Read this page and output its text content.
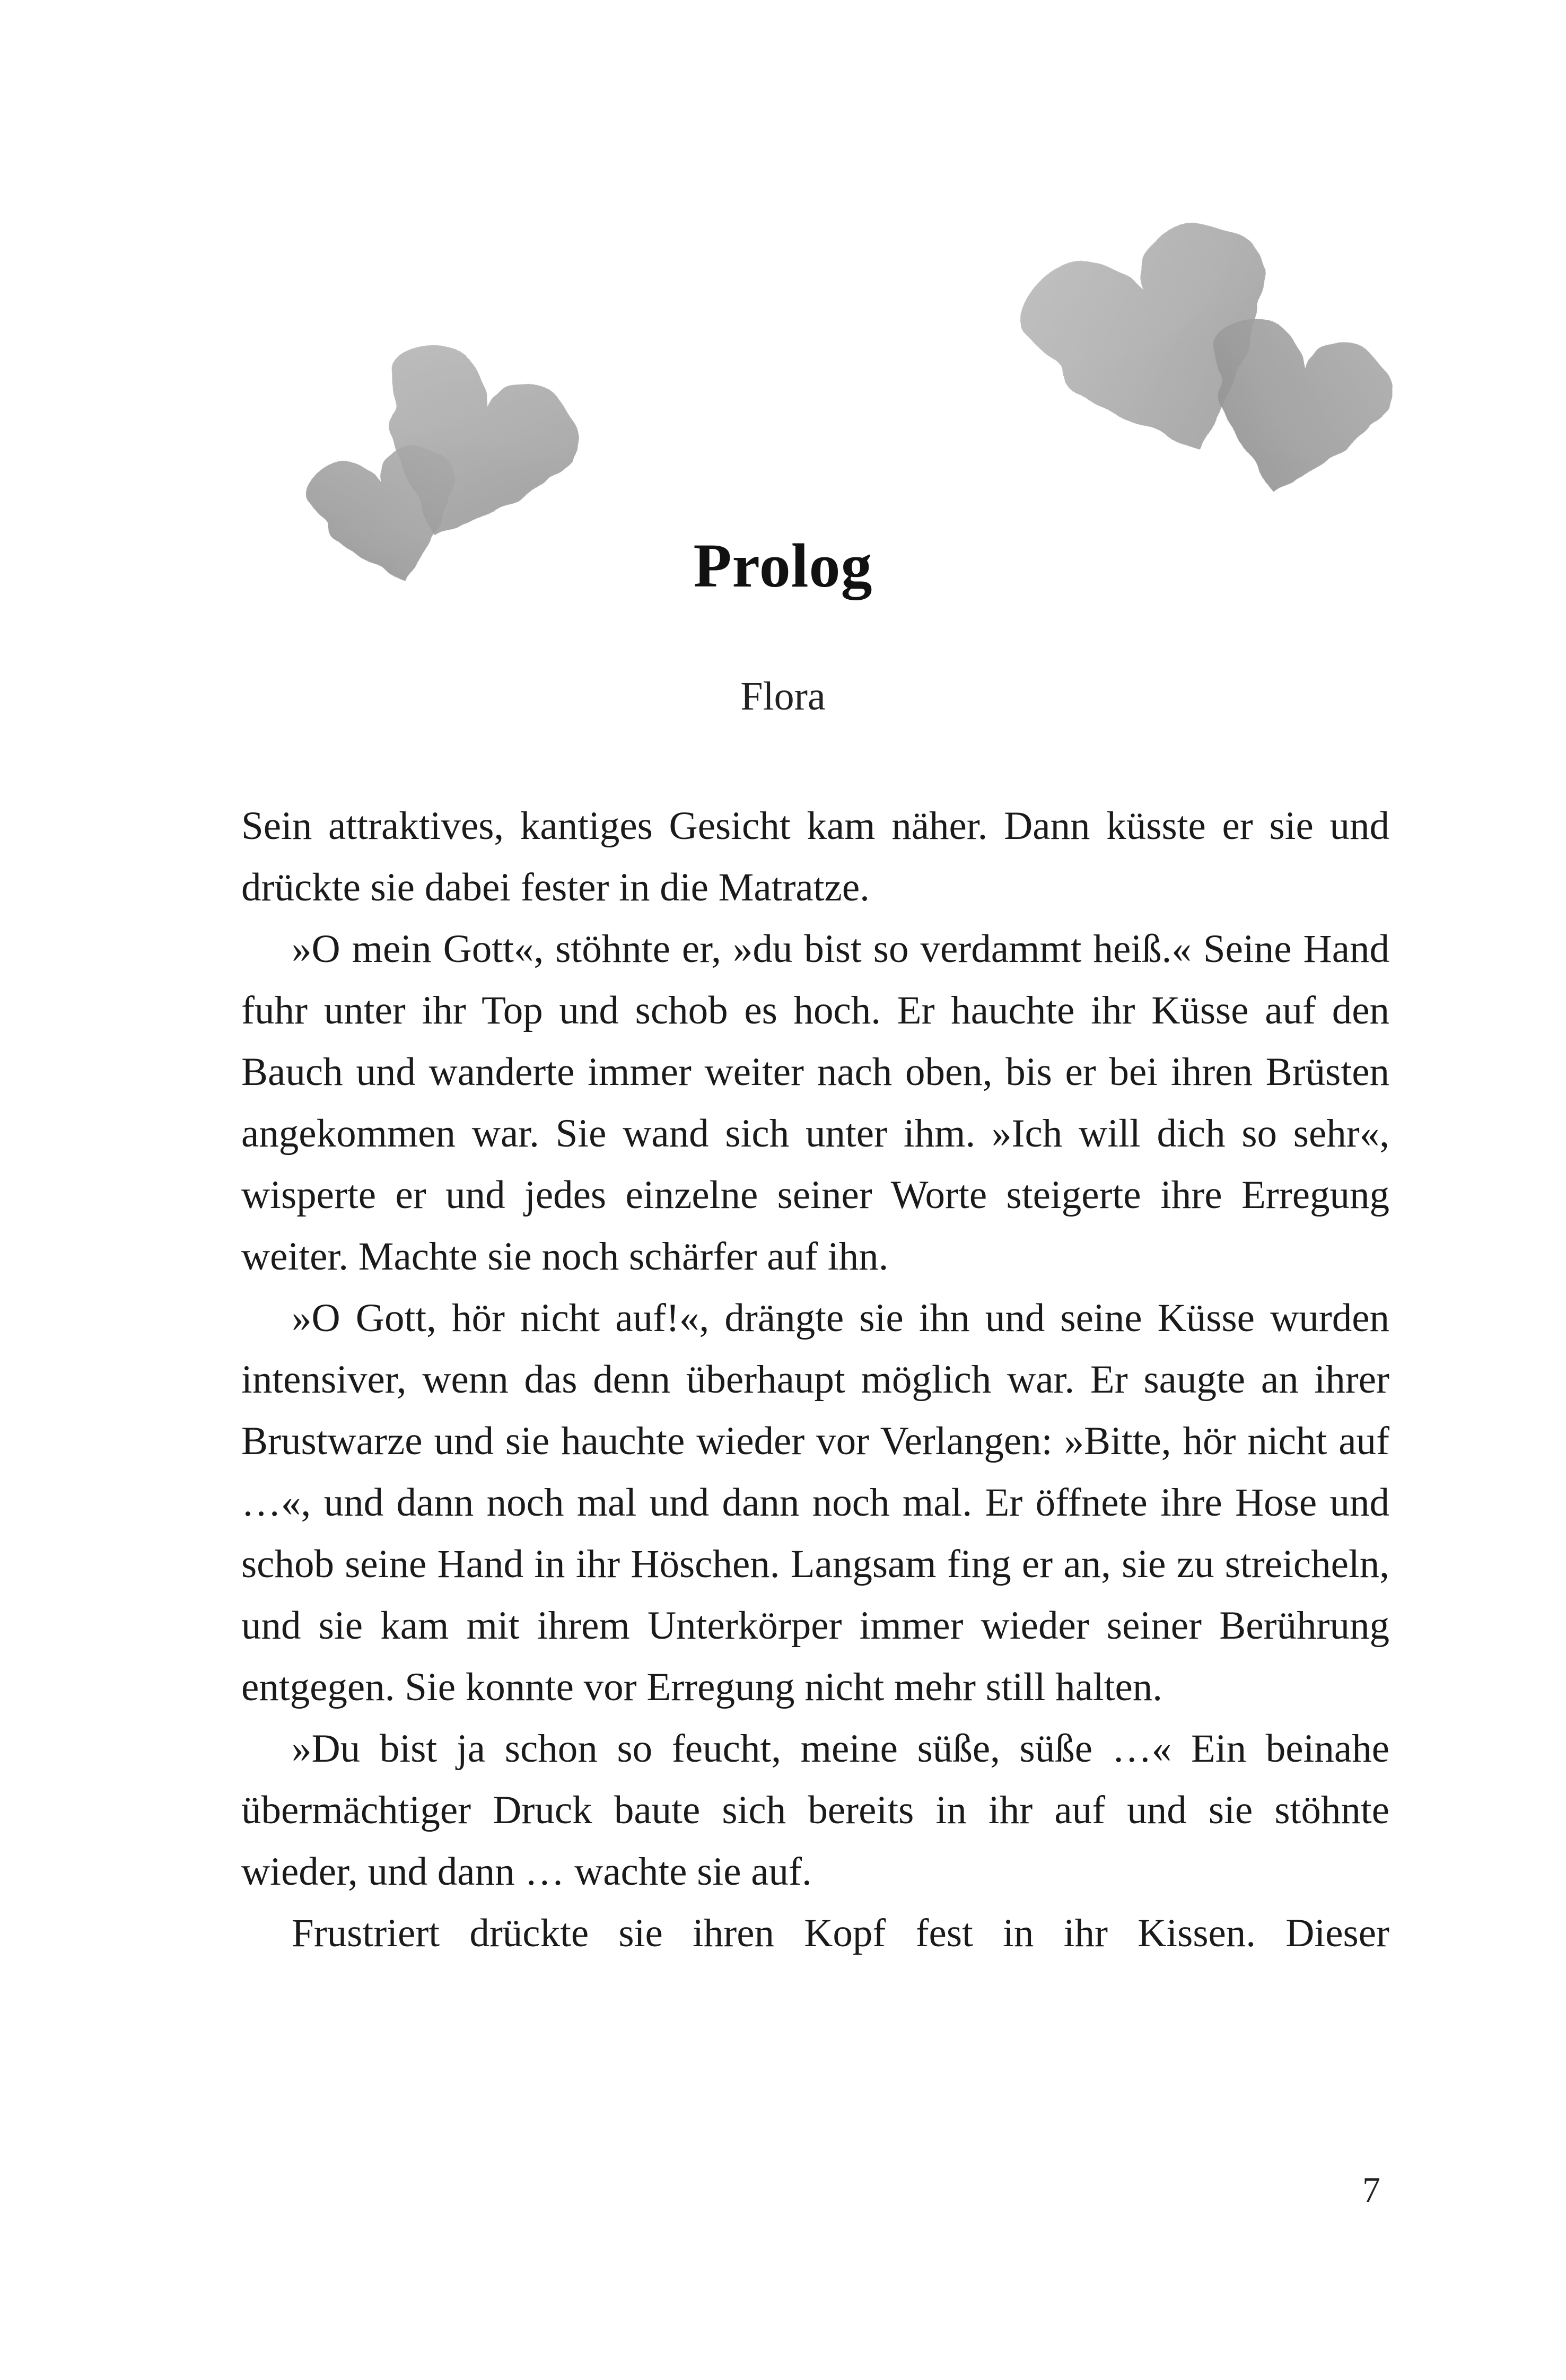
Prolog
Flora

Sein attraktives, kantiges Gesicht kam näher. Dann küsste er sie und drückte sie dabei fester in die Matratze.

»O mein Gott«, stöhnte er, »du bist so verdammt heiß.« Seine Hand fuhr unter ihr Top und schob es hoch. Er hauchte ihr Küsse auf den Bauch und wanderte immer weiter nach oben, bis er bei ihren Brüsten angekommen war. Sie wand sich unter ihm. »Ich will dich so sehr«, wisperte er und jedes einzelne seiner Worte steigerte ihre Erregung weiter. Machte sie noch schärfer auf ihn.

»O Gott, hör nicht auf!«, drängte sie ihn und seine Küsse wurden intensiver, wenn das denn überhaupt möglich war. Er saugte an ihrer Brustwarze und sie hauchte wieder vor Verlangen: »Bitte, hör nicht auf …«, und dann noch mal und dann noch mal. Er öffnete ihre Hose und schob seine Hand in ihr Höschen. Langsam fing er an, sie zu streicheln, und sie kam mit ihrem Unterkörper immer wieder seiner Berührung entgegen. Sie konnte vor Erregung nicht mehr still halten.

»Du bist ja schon so feucht, meine süße, süße …« Ein beinahe übermächtiger Druck baute sich bereits in ihr auf und sie stöhnte wieder, und dann … wachte sie auf.

Frustriert drückte sie ihren Kopf fest in ihr Kissen. Dieser

7
